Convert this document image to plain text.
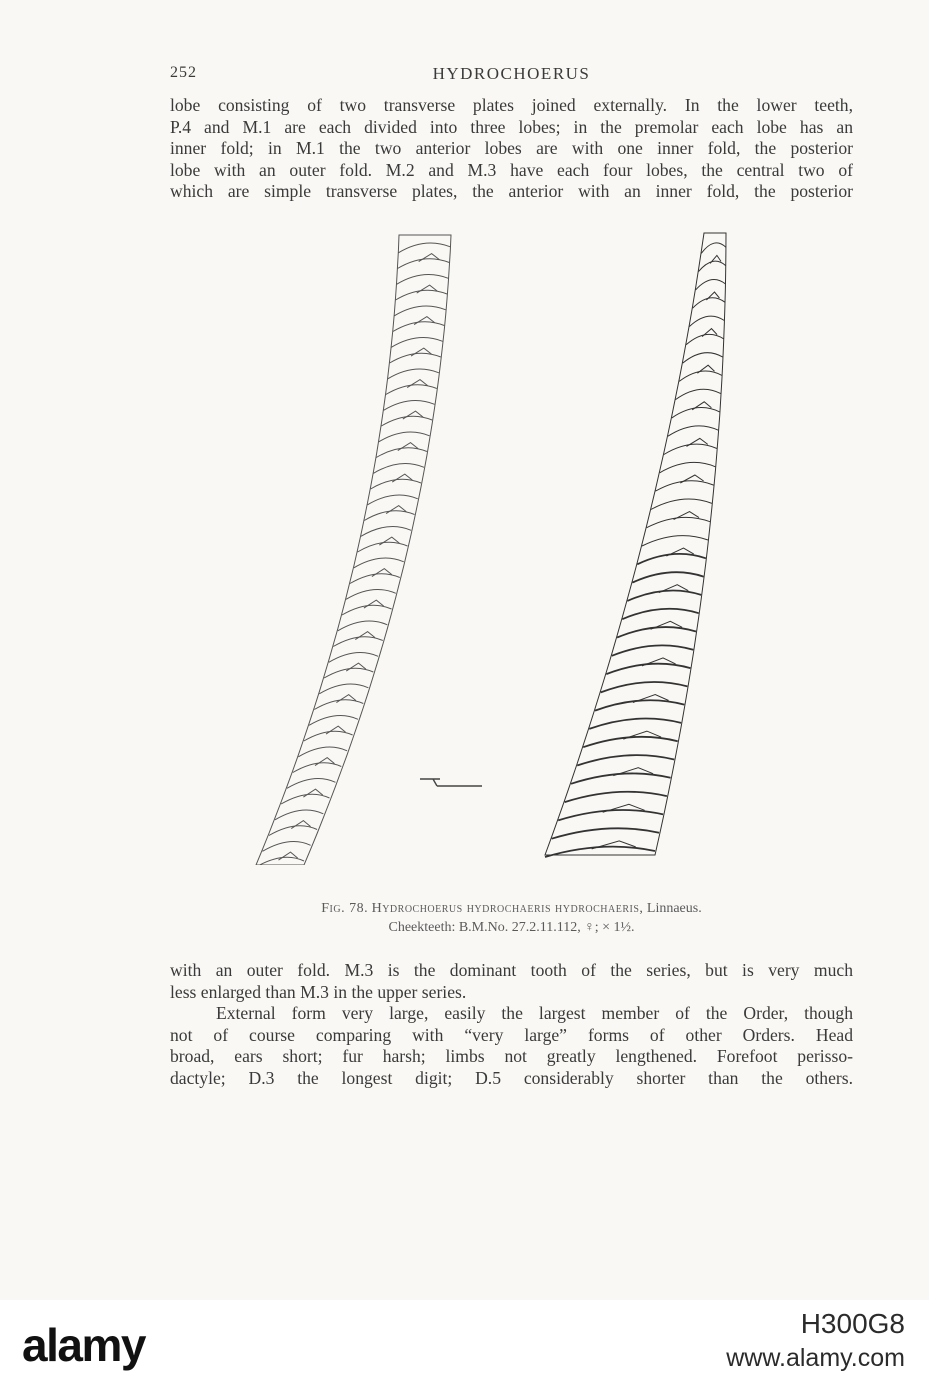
252	HYDROCHOERUS
lobe consisting of two transverse plates joined externally. In the lower teeth,
P.4 and M.1 are each divided into three lobes; in the premolar each lobe has an
inner fold; in M.1 the two anterior lobes are with one inner fold, the posterior
lobe with an outer fold. M.2 and M.3 have each four lobes, the central two of
which are simple transverse plates, the anterior with an inner fold, the posterior
Fig. 78. Hydrochoerus hydrochaeris hydrochaeris, Linnaeus.
Cheekteeth: B.M.No. 27.2.11.112, ♀; × 1½.
with an outer fold. M.3 is the dominant tooth of the series, but is very much
less enlarged than M.3 in the upper series.
External form very large, easily the largest member of the Order, though
not of course comparing with “very large” forms of other Orders. Head
broad, ears short; fur harsh; limbs not greatly lengthened. Forefoot perisso-
dactyle; D.3 the longest digit; D.5 considerably shorter than the others.
alamy	H300G8
www.alamy.com
